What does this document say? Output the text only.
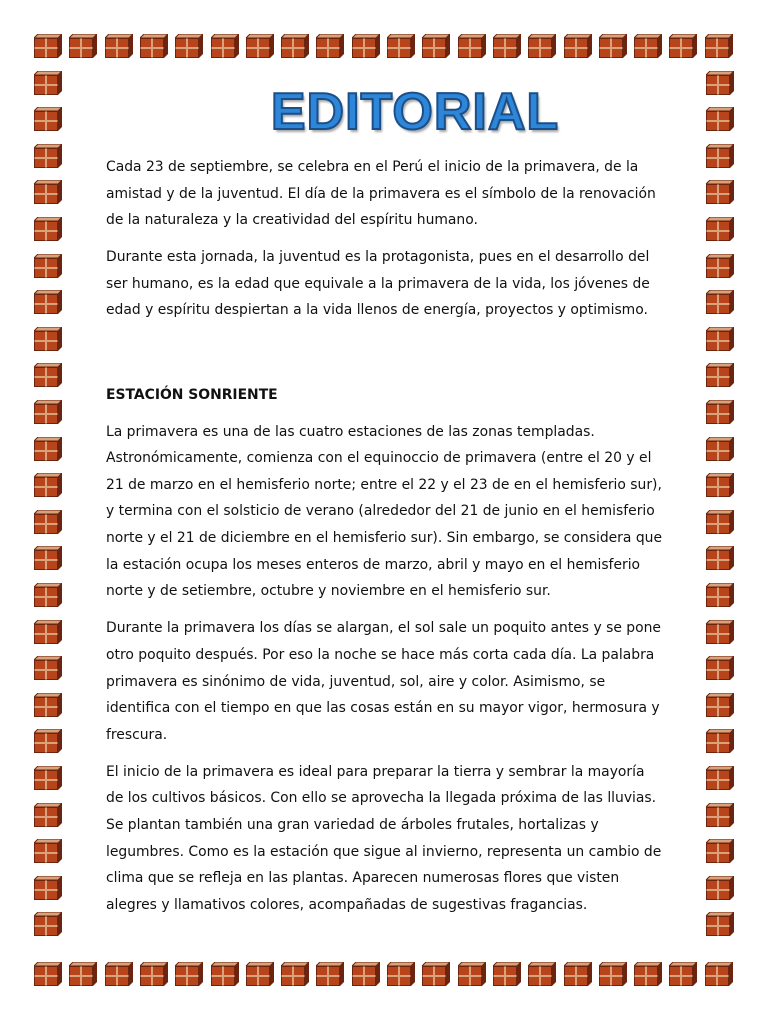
EDITORIAL

Cada 23 de septiembre, se celebra en el Perú el inicio de la primavera, de la amistad y de la juventud. El día de la primavera es el símbolo de la renovación de la naturaleza y la creatividad del espíritu humano.

Durante esta jornada, la juventud es la protagonista, pues en el desarrollo del ser humano, es la edad que equivale a la primavera de la vida, los jóvenes de edad y espíritu despiertan a la vida llenos de energía, proyectos y optimismo.

ESTACIÓN SONRIENTE

La primavera es una de las cuatro estaciones de las zonas templadas. Astronómicamente, comienza con el equinoccio de primavera (entre el 20 y el 21 de marzo en el hemisferio norte; entre el 22 y el 23 de en el hemisferio sur), y termina con el solsticio de verano (alrededor del 21 de junio en el hemisferio norte y el 21 de diciembre en el hemisferio sur). Sin embargo, se considera que la estación ocupa los meses enteros de marzo, abril y mayo en el hemisferio norte y de setiembre, octubre y noviembre en el hemisferio sur.

Durante la primavera los días se alargan, el sol sale un poquito antes y se pone otro poquito después. Por eso la noche se hace más corta cada día. La palabra primavera es sinónimo de vida, juventud, sol, aire y color. Asimismo, se identifica con el tiempo en que las cosas están en su mayor vigor, hermosura y frescura.

El inicio de la primavera es ideal para preparar la tierra y sembrar la mayoría de los cultivos básicos. Con ello se aprovecha la llegada próxima de las lluvias. Se plantan también una gran variedad de árboles frutales, hortalizas y legumbres. Como es la estación que sigue al invierno, representa un cambio de clima que se refleja en las plantas. Aparecen numerosas flores que visten alegres y llamativos colores, acompañadas de sugestivas fragancias.
